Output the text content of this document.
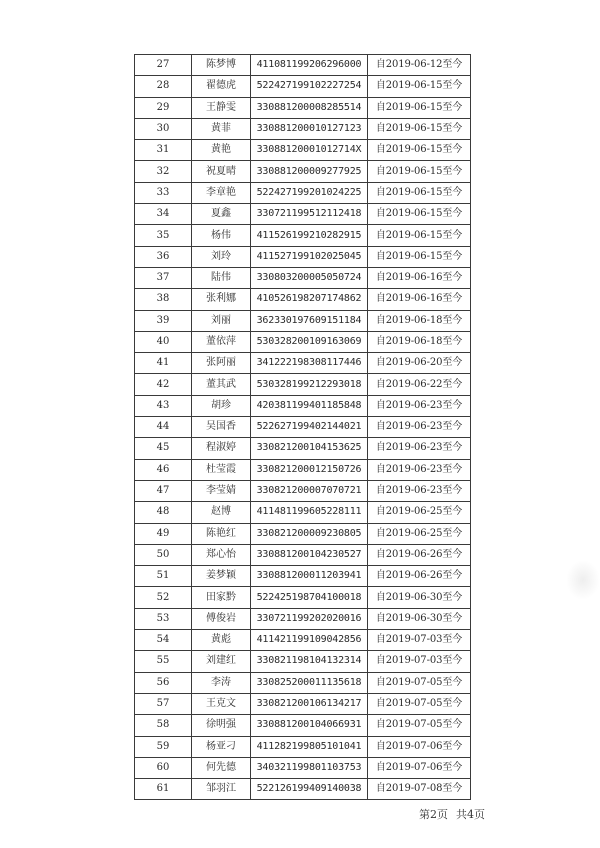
27	陈梦博	411081199206296000	自2019-06-12至今
28	翟德虎	522427199102227254	自2019-06-15至今
29	王静雯	330881200008285514	自2019-06-15至今
30	黄菲	330881200010127123	自2019-06-15至今
31	黄艳	33088120001012714X	自2019-06-15至今
32	祝夏晴	330881200009277925	自2019-06-15至今
33	李章艳	522427199201024225	自2019-06-15至今
34	夏鑫	330721199512112418	自2019-06-15至今
35	杨伟	411526199210282915	自2019-06-15至今
36	刘玲	411527199102025045	自2019-06-15至今
37	陆伟	330803200005050724	自2019-06-16至今
38	张利娜	410526198207174862	自2019-06-16至今
39	刘丽	362330197609151184	自2019-06-18至今
40	董依萍	530328200109163069	自2019-06-18至今
41	张阿丽	341222198308117446	自2019-06-20至今
42	董其武	530328199212293018	自2019-06-22至今
43	胡珍	420381199401185848	自2019-06-23至今
44	吴国香	522627199402144021	自2019-06-23至今
45	程淑婷	330821200104153625	自2019-06-23至今
46	杜莹霞	330821200012150726	自2019-06-23至今
47	李莹婧	330821200007070721	自2019-06-23至今
48	赵博	411481199605228111	自2019-06-25至今
49	陈艳红	330821200009230805	自2019-06-25至今
50	郑心怡	330881200104230527	自2019-06-26至今
51	姜梦颖	330881200011203941	自2019-06-26至今
52	田家黔	522425198704100018	自2019-06-30至今
53	傅俊岩	330721199202020016	自2019-06-30至今
54	黄彪	411421199109042856	自2019-07-03至今
55	刘建红	330821198104132314	自2019-07-03至今
56	李涛	330825200011135618	自2019-07-05至今
57	王克文	330821200106134217	自2019-07-05至今
58	徐明强	330881200104066931	自2019-07-05至今
59	杨亚刁	411282199805101041	自2019-07-06至今
60	何先德	340321199801103753	自2019-07-06至今
61	邹羽江	522126199409140038	自2019-07-08至今
第2页 共4页
